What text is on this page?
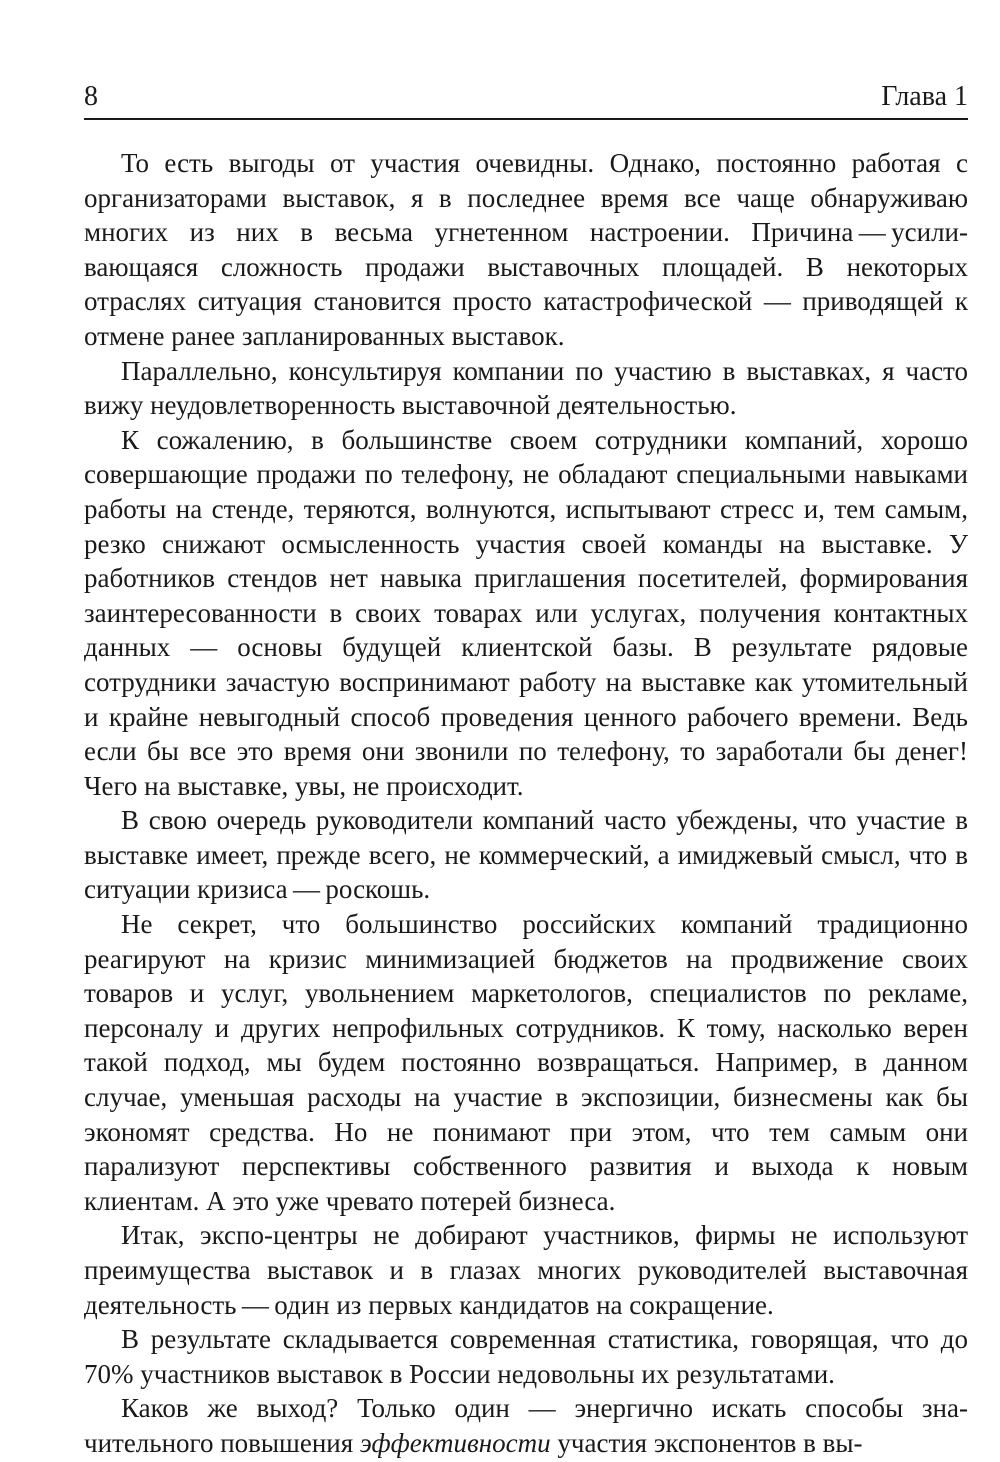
8	Глава 1

То есть выгоды от участия очевидны. Однако, постоянно работая с организаторами выставок, я в последнее время все чаще обнаруживаю многих из них в весьма угнетенном настроении. Причина — усиливающаяся сложность продажи выставочных площадей. В некоторых отраслях ситуация становится просто катастрофической — приводящей к отмене ранее запланированных выставок.

Параллельно, консультируя компании по участию в выставках, я часто вижу неудовлетворенность выставочной деятельностью.

К сожалению, в большинстве своем сотрудники компаний, хорошо совершающие продажи по телефону, не обладают специальными навыками работы на стенде, теряются, волнуются, испытывают стресс и, тем самым, резко снижают осмысленность участия своей команды на выставке. У работников стендов нет навыка приглашения посетителей, формирования заинтересованности в своих товарах или услугах, получения контактных данных — основы будущей клиентской базы. В результате рядовые сотрудники зачастую воспринимают работу на выставке как утомительный и крайне невыгодный способ проведения ценного рабочего времени. Ведь если бы все это время они звонили по телефону, то заработали бы денег! Чего на выставке, увы, не происходит.

В свою очередь руководители компаний часто убеждены, что участие в выставке имеет, прежде всего, не коммерческий, а имиджевый смысл, что в ситуации кризиса — роскошь.

Не секрет, что большинство российских компаний традиционно реагируют на кризис минимизацией бюджетов на продвижение своих товаров и услуг, увольнением маркетологов, специалистов по рекламе, персоналу и других непрофильных сотрудников. К тому, насколько верен такой подход, мы будем постоянно возвращаться. Например, в данном случае, уменьшая расходы на участие в экспозиции, бизнесмены как бы экономят средства. Но не понимают при этом, что тем самым они парализуют перспективы собственного развития и выхода к новым клиентам. А это уже чревато потерей бизнеса.

Итак, экспо-центры не добирают участников, фирмы не используют преимущества выставок и в глазах многих руководителей выставочная деятельность — один из первых кандидатов на сокращение.

В результате складывается современная статистика, говорящая, что до 70% участников выставок в России недовольны их результатами.

Каков же выход? Только один — энергично искать способы значительного повышения эффективности участия экспонентов в вы-
